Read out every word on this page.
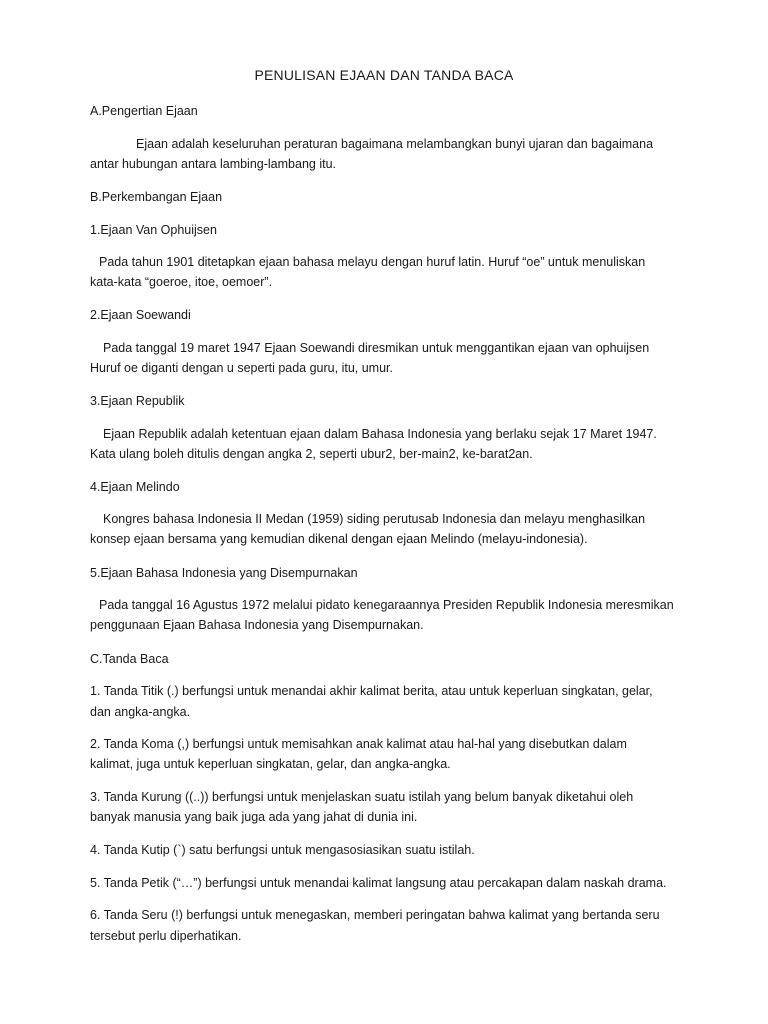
PENULISAN EJAAN DAN TANDA BACA
A.Pengertian Ejaan
Ejaan adalah keseluruhan peraturan bagaimana melambangkan bunyi ujaran dan bagaimana
antar hubungan antara lambing-lambang itu.
B.Perkembangan Ejaan
1.Ejaan Van Ophuijsen
Pada tahun 1901 ditetapkan ejaan bahasa melayu dengan huruf latin. Huruf “oe” untuk menuliskan
kata-kata “goeroe, itoe, oemoer”.
2.Ejaan Soewandi
Pada tanggal 19 maret 1947 Ejaan Soewandi diresmikan untuk menggantikan ejaan van ophuijsen
Huruf oe diganti dengan u seperti pada guru, itu, umur.
3.Ejaan Republik
Ejaan Republik adalah ketentuan ejaan dalam Bahasa Indonesia yang berlaku sejak 17 Maret 1947.
Kata ulang boleh ditulis dengan angka 2, seperti ubur2, ber-main2, ke-barat2an.
4.Ejaan Melindo
Kongres bahasa Indonesia II Medan (1959) siding perutusab Indonesia dan melayu menghasilkan
konsep ejaan bersama yang kemudian dikenal dengan ejaan Melindo (melayu-indonesia).
5.Ejaan Bahasa Indonesia yang Disempurnakan
Pada tanggal 16 Agustus 1972 melalui pidato kenegaraannya Presiden Republik Indonesia meresmikan
penggunaan Ejaan Bahasa Indonesia yang Disempurnakan.
C.Tanda Baca
1. Tanda Titik (.) berfungsi untuk menandai akhir kalimat berita, atau untuk keperluan singkatan, gelar,
dan angka-angka.
2. Tanda Koma (,) berfungsi untuk memisahkan anak kalimat atau hal-hal yang disebutkan dalam
kalimat, juga untuk keperluan singkatan, gelar, dan angka-angka.
3. Tanda Kurung ((..)) berfungsi untuk menjelaskan suatu istilah yang belum banyak diketahui oleh
banyak manusia yang baik juga ada yang jahat di dunia ini.
4. Tanda Kutip (`) satu berfungsi untuk mengasosiasikan suatu istilah.
5. Tanda Petik (“…”) berfungsi untuk menandai kalimat langsung atau percakapan dalam naskah drama.
6. Tanda Seru (!) berfungsi untuk menegaskan, memberi peringatan bahwa kalimat yang bertanda seru
tersebut perlu diperhatikan.
